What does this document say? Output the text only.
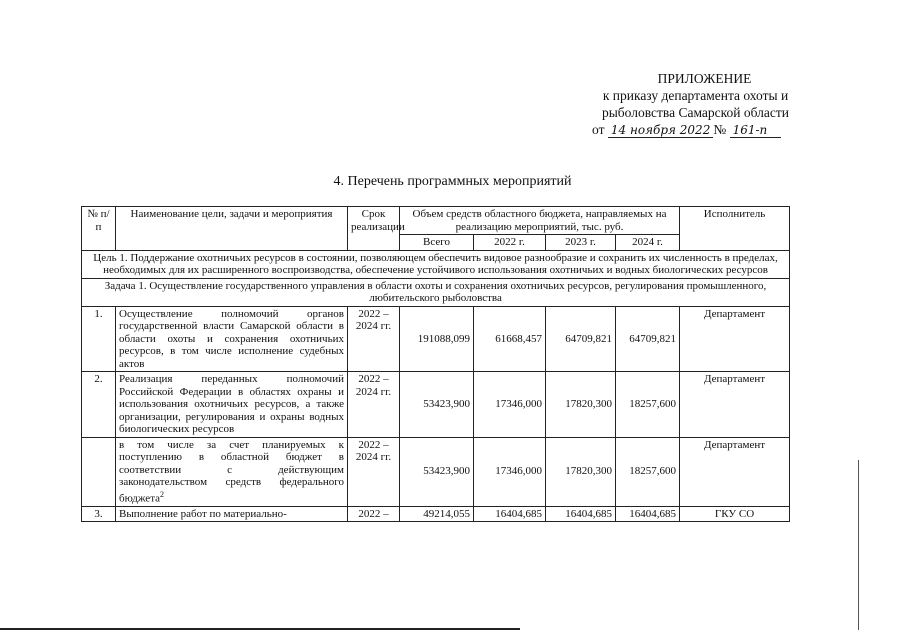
ПРИЛОЖЕНИЕ
к приказу департамента охоты и
рыболовства Самарской области
от 14 ноября 2022 № 161-п
4. Перечень программных мероприятий
№ п/п	Наименование цели, задачи и мероприятия	Срок реализации	Объем средств областного бюджета, направляемых на реализацию мероприятий, тыс. руб.				Исполнитель
			Всего	2022 г.	2023 г.	2024 г.	
Цель 1. Поддержание охотничьих ресурсов в состоянии, позволяющем обеспечить видовое разнообразие и сохранить их численность в пределах, необходимых для их расширенного воспроизводства, обеспечение устойчивого использования охотничьих и водных биологических ресурсов							
Задача 1. Осуществление государственного управления в области охоты и сохранения охотничьих ресурсов, регулирования промышленного, любительского рыболовства							
1.	Осуществление полномочий органов государственной власти Самарской области в области охоты и сохранения охотничьих ресурсов, в том числе исполнение судебных актов	2022 – 2024 гг.	191088,099	61668,457	64709,821	64709,821	Департамент
2.	Реализация переданных полномочий Российской Федерации в областях охраны и использования охотничьих ресурсов, а также организации, регулирования и охраны водных биологических ресурсов	2022 – 2024 гг.	53423,900	17346,000	17820,300	18257,600	Департамент
	в том числе за счет планируемых к поступлению в областной бюджет в соответствии с действующим законодательством средств федерального бюджета$^2$	2022 – 2024 гг.	53423,900	17346,000	17820,300	18257,600	Департамент
3.	Выполнение работ по материально-	2022 –	49214,055	16404,685	16404,685	16404,685	ГКУ СО
